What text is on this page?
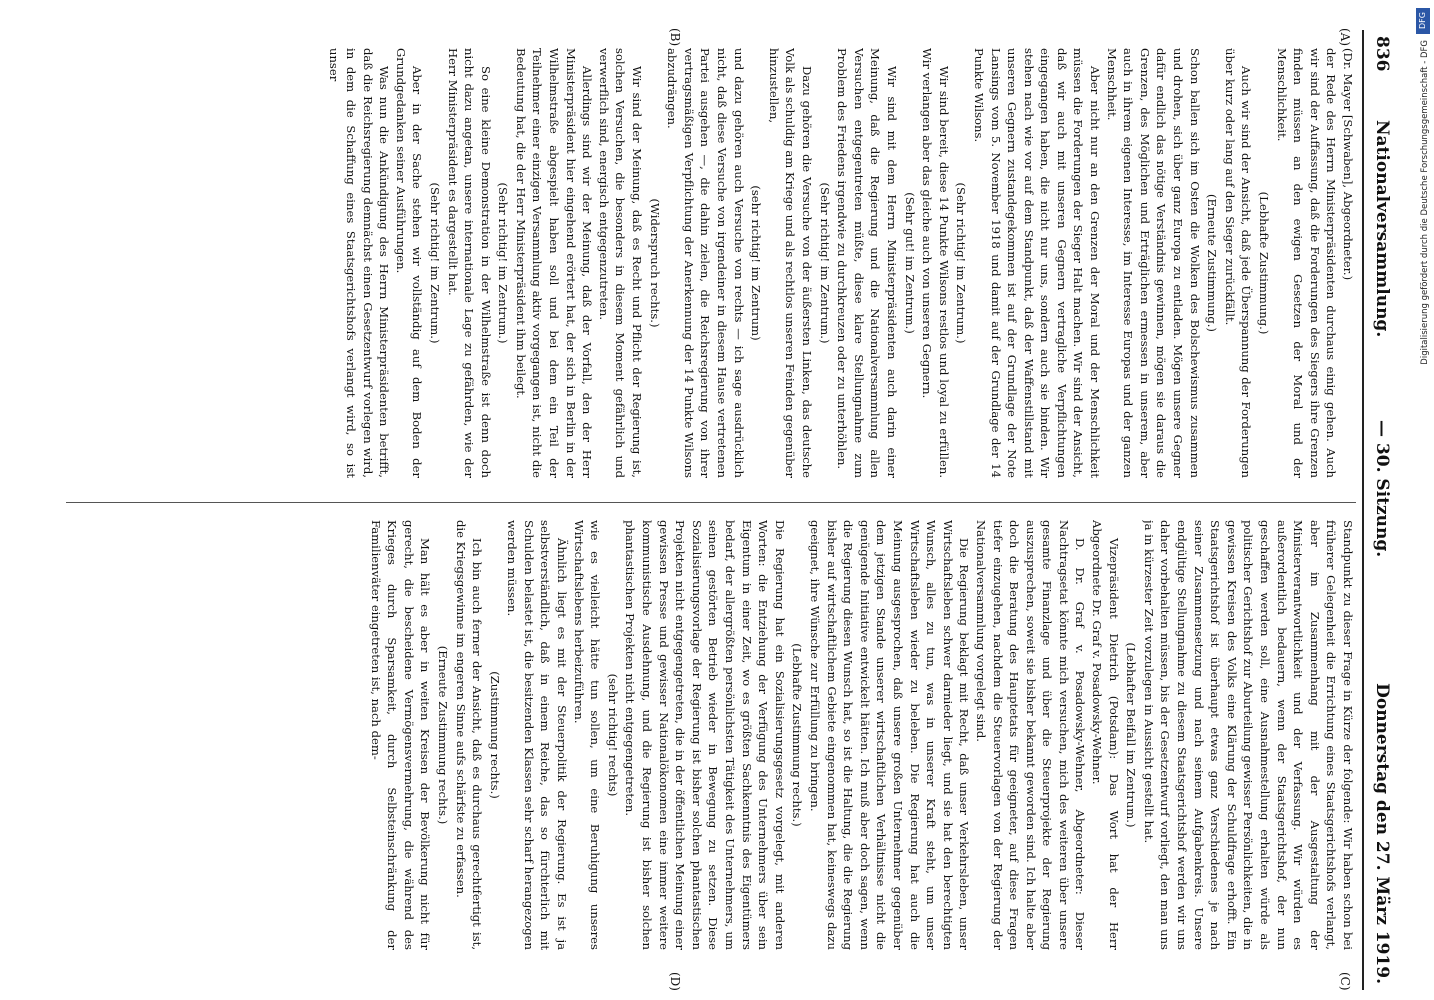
836
Nationalversammlung.
— 30. Sitzung.
Donnerstag den 27. März 1919.
(A)
(B)
(C)
(D)

(Dr. Mayer [Schwaben], Abgeordneter.)

der Rede des Herrn Ministerpräsidenten durchaus einig gehen. Auch wir sind der Auffassung, daß die Forderungen des Siegers ihre Grenzen finden müssen an den ewigen Gesetzen der Moral und der Menschlichkeit.

(Lebhafte Zustimmung.)

Auch wir sind der Ansicht, daß jede Überspannung der Forderungen über kurz oder lang auf den Sieger zurückfällt.

(Erneute Zustimmung.)

Schon ballen sich im Osten die Wolken des Bolschewismus zusammen und drohen, sich über ganz Europa zu entladen. Mögen unsere Gegner dafür endlich das nötige Verständnis gewinnen, mögen sie daraus die Grenzen, des Möglichen und Erträglichen ermessen in unserem, aber auch in ihrem eigenen Interesse, im Interesse Europas und der ganzen Menschheit.

Aber nicht nur an den Grenzen der Moral und der Menschlichkeit müssen die Forderungen der Sieger Halt machen. Wir sind der Ansicht, daß wir auch mit unseren Gegnern vertragliche Verpflichtungen eingegangen haben, die nicht nur uns, sondern auch sie binden. Wir stehen nach wie vor auf dem Standpunkt, daß der Waffenstillstand mit unseren Gegnern zustandegekommen ist auf der Grundlage der Note Lansings vom 5. November 1918 und damit auf der Grundlage der 14 Punkte Wilsons.

(Sehr richtig! im Zentrum.)

Wir sind bereit, diese 14 Punkte Wilsons restlos und loyal zu erfüllen. Wir verlangen aber das gleiche auch von unseren Gegnern.

(Sehr gut! im Zentrum.)

Wir sind mit dem Herrn Ministerpräsidenten auch darin einer Meinung, daß die Regierung und die Nationalversammlung allen Versuchen entgegentreten müßte, diese klare Stellungnahme zum Problem des Friedens irgendwie zu durchkreuzen oder zu unterhöhlen.

(Sehr richtig! im Zentrum.)

Dazu gehören die Versuche von der äußersten Linken, das deutsche Volk als schuldig am Kriege und als rechtlos unseren Feinden gegenüber hinzustellen,

(sehr richtig! im Zentrum)

und dazu gehören auch Versuche von rechts — ich sage ausdrücklich nicht, daß diese Versuche von irgendeiner in diesem Hause vertretenen Partei ausgehen —, die dahin zielen, die Reichsregierung von ihrer vertragsmäßigen Verpflichtung der Anerkennung der 14 Punkte Wilsons abzudrängen.

(Widerspruch rechts.)

Wir sind der Meinung, daß es Recht und Pflicht der Regierung ist, solchen Versuchen, die besonders in diesem Moment gefährlich und verwerflich sind, energisch entgegenzutreten.

Allerdings sind wir der Meinung, daß der Vorfall, den der Herr Ministerpräsident hier eingehend erörtert hat, der sich in Berlin in der Wilhelmstraße abgespielt haben soll und bei dem ein Teil der Teilnehmer einer einzigen Versammlung aktiv vorgegangen ist, nicht die Bedeutung hat, die der Herr Ministerpräsident ihm beilegt.

(Sehr richtig! im Zentrum.)

So eine kleine Demonstration in der Wilhelmstraße ist denn doch nicht dazu angetan, unsere internationale Lage zu gefährden, wie der Herr Ministerpräsident es dargestellt hat.

(Sehr richtig! im Zentrum.)

Aber in der Sache stehen wir vollständig auf dem Boden der Grundgedanken seiner Ausführungen.

Was nun die Ankündigung des Herrn Ministerpräsidenten betrifft, daß die Reichsregierung demnächst einen Gesetzentwurf vorlegen wird, in dem die Schaffung eines Staatsgerichtshofs verlangt wird, so ist unser

Standpunkt zu dieser Frage in Kürze der folgende: Wir haben schon bei früherer Gelegenheit die Errichtung eines Staatsgerichtshofs verlangt, aber im Zusammenhang mit der Ausgestaltung der Ministerverantwortlichkeit und der Verfassung. Wir würden es außerordentlich bedauern, wenn der Staatsgerichtshof, der nun geschaffen werden soll, eine Ausnahmestellung erhalten würde als politischer Gerichtshof zur Aburteilung gewisser Persönlichkeiten, die in gewissen Kreisen des Volks eine Klärung der Schuldfrage erhofft. Ein Staatsgerichtshof ist überhaupt etwas ganz Verschiedenes je nach seiner Zusammensetzung und nach seinem Aufgabenkreis. Unsere endgültige Stellungnahme zu diesem Staatsgerichtshof werden wir uns daher vorbehalten müssen, bis der Gesetzentwurf vorliegt, den man uns ja in kürzester Zeit vorzulegen in Aussicht gestellt hat.

(Lebhafter Beifall im Zentrum.)

Vizepräsident Dietrich (Potsdam): Das Wort hat der Herr Abgeordnete Dr. Graf v. Posadowsky-Wehner.

D. Dr. Graf v. Posadowsky-Wehner, Abgeordneter: Dieser Nachtragsetat könnte mich versuchen, mich des weiteren über unsere gesamte Finanzlage und über die Steuerprojekte der Regierung auszusprechen, soweit sie bisher bekannt geworden sind. Ich halte aber doch die Beratung des Hauptetats für geeigneter, auf diese Fragen tiefer einzugehen, nachdem die Steuervorlagen von der Regierung der Nationalversammlung vorgelegt sind.

Die Regierung beklagt mit Recht, daß unser Verkehrsleben, unser Wirtschaftsleben schwer darnieder liegt, und sie hat den berechtigten Wunsch, alles zu tun, was in unserer Kraft steht, um unser Wirtschaftsleben wieder zu beleben. Die Regierung hat auch die Meinung ausgesprochen, daß unsere großen Unternehmer gegenüber dem jetzigen Stande unserer wirtschaftlichen Verhältnisse nicht die genügende Initiative entwickelt hätten. Ich muß aber doch sagen, wenn die Regierung diesen Wunsch hat, so ist die Haltung, die die Regierung bisher auf wirtschaftlichem Gebiete eingenommen hat, keineswegs dazu geeignet, ihre Wünsche zur Erfüllung zu bringen.

(Lebhafte Zustimmung rechts.)

Die Regierung hat ein Sozialisierungsgesetz vorgelegt, mit anderen Worten: die Entziehung der Verfügung des Unternehmers über sein Eigentum in einer Zeit, wo es größten Sachkenntnis des Eigentümers bedarf, der allergrößten persönlichsten Tätigkeit des Unternehmers, um seinen gestörten Betrieb wieder in Bewegung zu setzen. Diese Sozialisierungsvorlage der Regierung ist bisher solchen phantastischen Projekten nicht entgegengetreten, die in der öffentlichen Meinung einer gewissen Presse und gewisser Nationalökonomen eine immer weitere kommunistische Ausdehnung, und die Regierung ist bisher solchen phantastischen Projekten nicht entgegengetreten.

(sehr richtig! rechts)

wie es vielleicht hätte tun sollen, um eine Beruhigung unseres Wirtschaftslebens herbeizuführen.

Ähnlich liegt es mit der Steuerpolitik der Regierung. Es ist ja selbstverständlich, daß in einem Reiche, das so fürchterlich mit Schulden belastet ist, die besitzenden Klassen sehr scharf herangezogen werden müssen.

(Zustimmung rechts.)

Ich bin auch ferner der Ansicht, daß es durchaus gerechtfertigt ist, die Kriegsgewinne im engeren Sinne aufs schärfste zu erfassen.

(Erneute Zustimmung rechts.)

Man hält es aber in weiten Kreisen der Bevölkerung nicht für gerecht, die bescheidene Vermögensvermehrung, die während des Krieges durch Sparsamkeit, durch Selbsteinschränkung der Familienväter eingetreten ist, nach dem-

DFG
Digitalisierung gefördert durch die Deutsche Forschungsgemeinschaft - DFG
